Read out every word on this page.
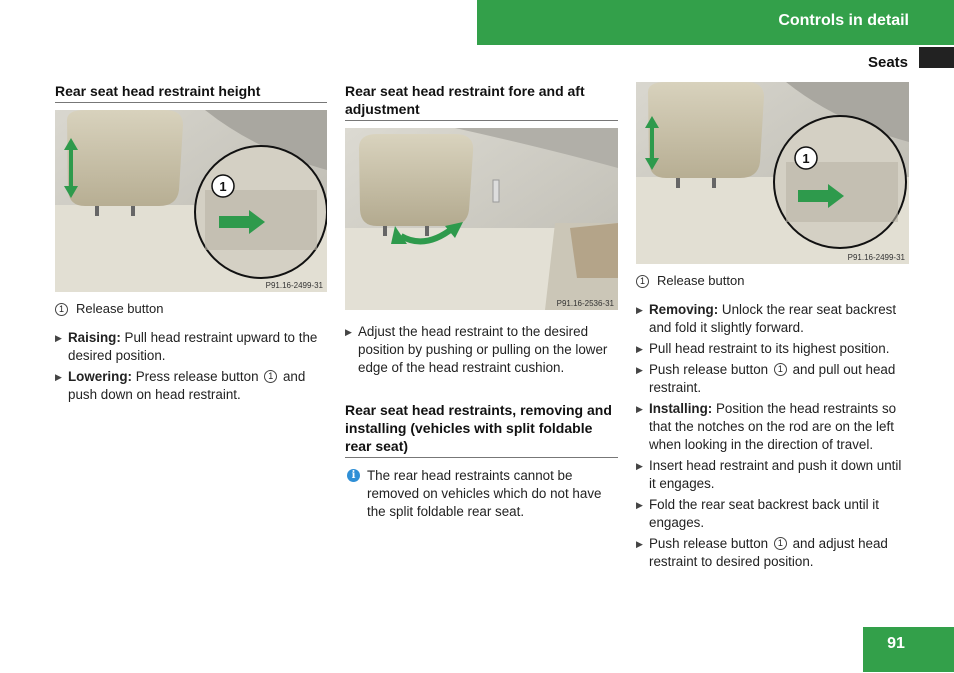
Controls in detail
Seats
Rear seat head restraint height
1
P91.16-2499-31
1 Release button
▶ Raising: Pull head restraint upward to the desired position.
▶ Lowering: Press release button 1 and push down on head restraint.
Rear seat head restraint fore and aft adjustment
P91.16-2536-31
▶ Adjust the head restraint to the desired position by pushing or pulling on the lower edge of the head restraint cushion.
Rear seat head restraints, removing and installing (vehicles with split foldable rear seat)
i The rear head restraints cannot be removed on vehicles which do not have the split foldable rear seat.
1
P91.16-2499-31
1 Release button
▶ Removing: Unlock the rear seat backrest and fold it slightly forward.
▶ Pull head restraint to its highest position.
▶ Push release button 1 and pull out head restraint.
▶ Installing: Position the head restraints so that the notches on the rod are on the left when looking in the direction of travel.
▶ Insert head restraint and push it down until it engages.
▶ Fold the rear seat backrest back until it engages.
▶ Push release button 1 and adjust head restraint to desired position.
91
